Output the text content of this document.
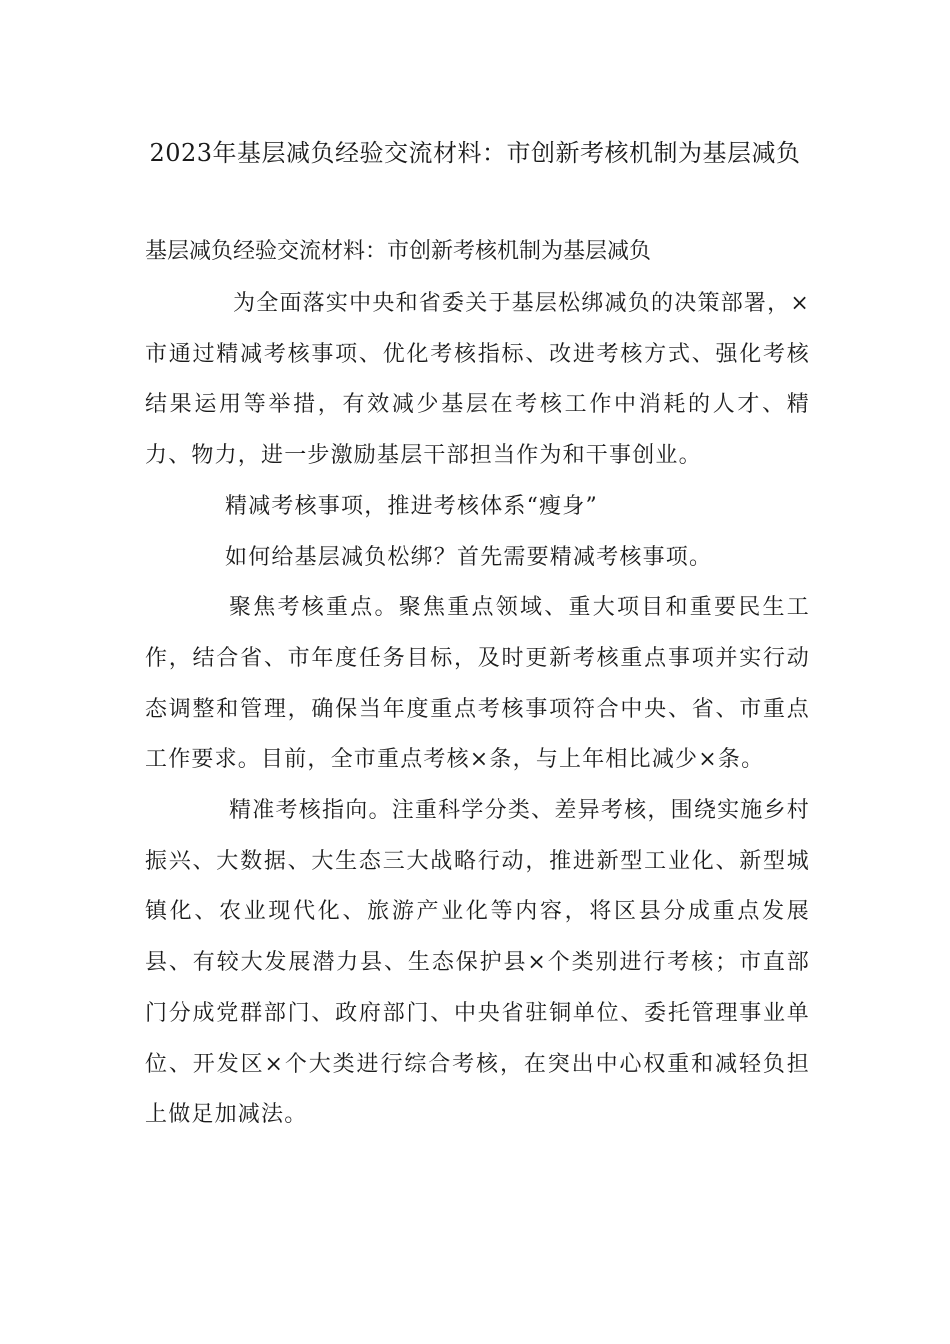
2023年基层减负经验交流材料：市创新考核机制为基层减负

基层减负经验交流材料：市创新考核机制为基层减负

为全面落实中央和省委关于基层松绑减负的决策部署，×市通过精减考核事项、优化考核指标、改进考核方式、强化考核结果运用等举措，有效减少基层在考核工作中消耗的人才、精力、物力，进一步激励基层干部担当作为和干事创业。

精减考核事项，推进考核体系“瘦身”

如何给基层减负松绑？首先需要精减考核事项。

聚焦考核重点。聚焦重点领域、重大项目和重要民生工作，结合省、市年度任务目标，及时更新考核重点事项并实行动态调整和管理，确保当年度重点考核事项符合中央、省、市重点工作要求。目前，全市重点考核×条，与上年相比减少×条。

精准考核指向。注重科学分类、差异考核，围绕实施乡村振兴、大数据、大生态三大战略行动，推进新型工业化、新型城镇化、农业现代化、旅游产业化等内容，将区县分成重点发展县、有较大发展潜力县、生态保护县×个类别进行考核；市直部门分成党群部门、政府部门、中央省驻铜单位、委托管理事业单位、开发区×个大类进行综合考核，在突出中心权重和减轻负担上做足加减法。
